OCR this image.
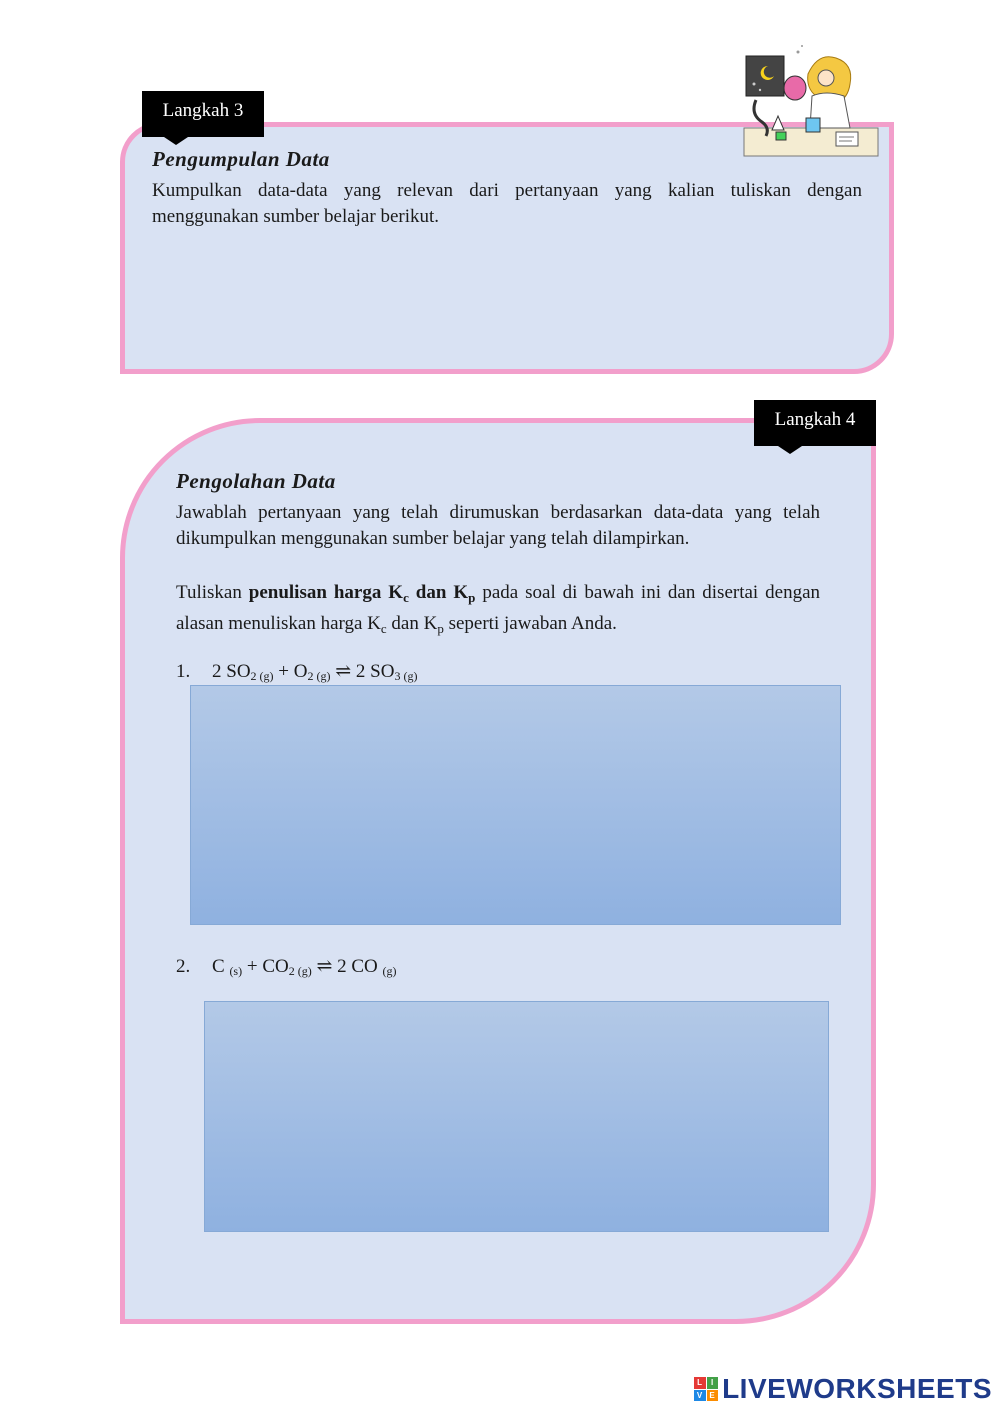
Langkah 3
Pengumpulan Data
Kumpulkan data-data yang relevan dari pertanyaan yang kalian tuliskan dengan menggunakan sumber belajar berikut.
Langkah 4
Pengolahan Data
Jawablah pertanyaan yang telah dirumuskan berdasarkan data-data yang telah dikumpulkan menggunakan sumber belajar yang telah dilampirkan.
Tuliskan penulisan harga $K_c$ dan $K_p$ pada soal di bawah ini dan disertai dengan alasan menuliskan harga $K_c$ dan $K_p$ seperti jawaban Anda.
1. 2 $SO_{2 (g)} + O_{2 (g)}$ ⇌ 2 $SO_{3 (g)}$
2. C $_{(s)} + CO_{2 (g)}$ ⇌ 2 CO $_{(g)}$
L	I
V E LIVEWORKSHEETS
